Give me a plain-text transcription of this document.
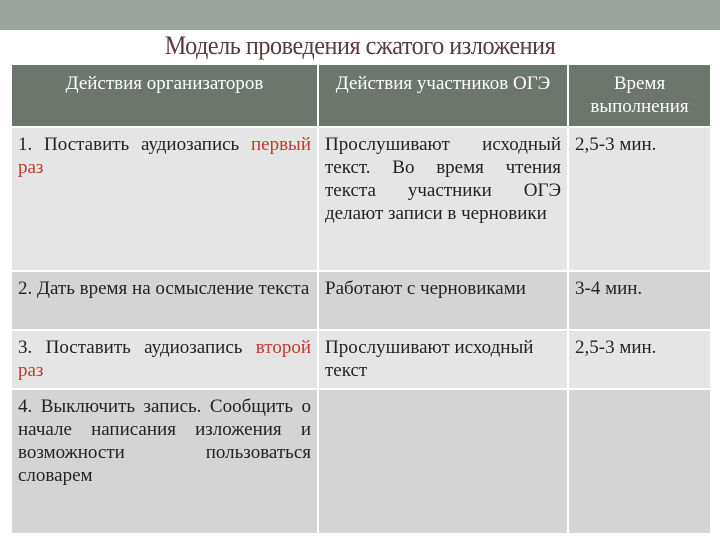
Модель проведения сжатого изложения
Действия организаторов	Действия участников ОГЭ	Время выполнения
1. Поставить аудиозапись первый раз	Прослушивают исходный текст. Во время чтения текста участники ОГЭ делают записи в черновики	2,5-3 мин.
2. Дать время на осмысление текста	Работают с черновиками	3-4 мин.
3. Поставить аудиозапись второй раз	Прослушивают исходный текст	2,5-3 мин.
4. Выключить запись. Сообщить о начале написания изложения и возможности пользоваться словарем		
